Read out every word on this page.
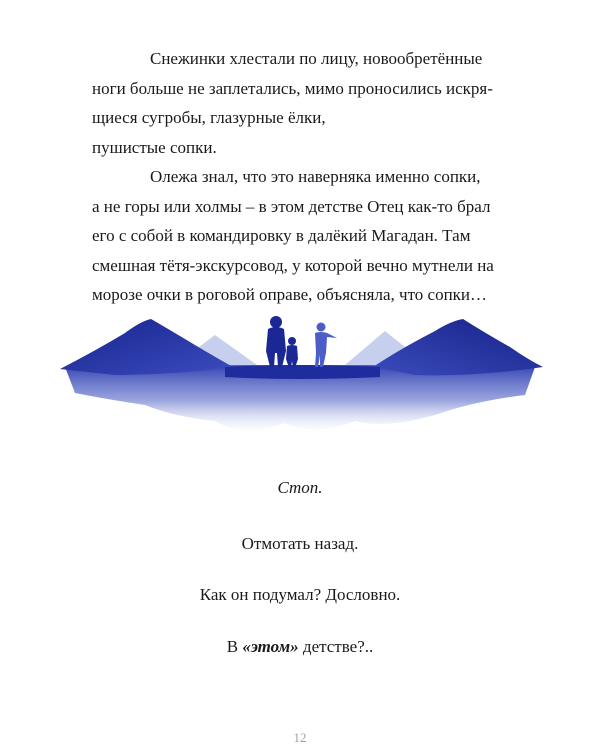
Снежинки хлестали по лицу, новообретённые
ноги больше не заплетались, мимо проносились искря-
щиеся сугробы, глазурные ёлки,
пушистые сопки.
Олежа знал, что это наверняка именно сопки,
а не горы или холмы – в этом детстве Отец как-то брал
его с собой в командировку в далёкий Магадан. Там
смешная тётя-экскурсовод, у которой вечно мутнели на
морозе очки в роговой оправе, объясняла, что сопки…

Стоп.

Отмотать назад.

Как он подумал? Дословно.

В «этом» детстве?..

12
